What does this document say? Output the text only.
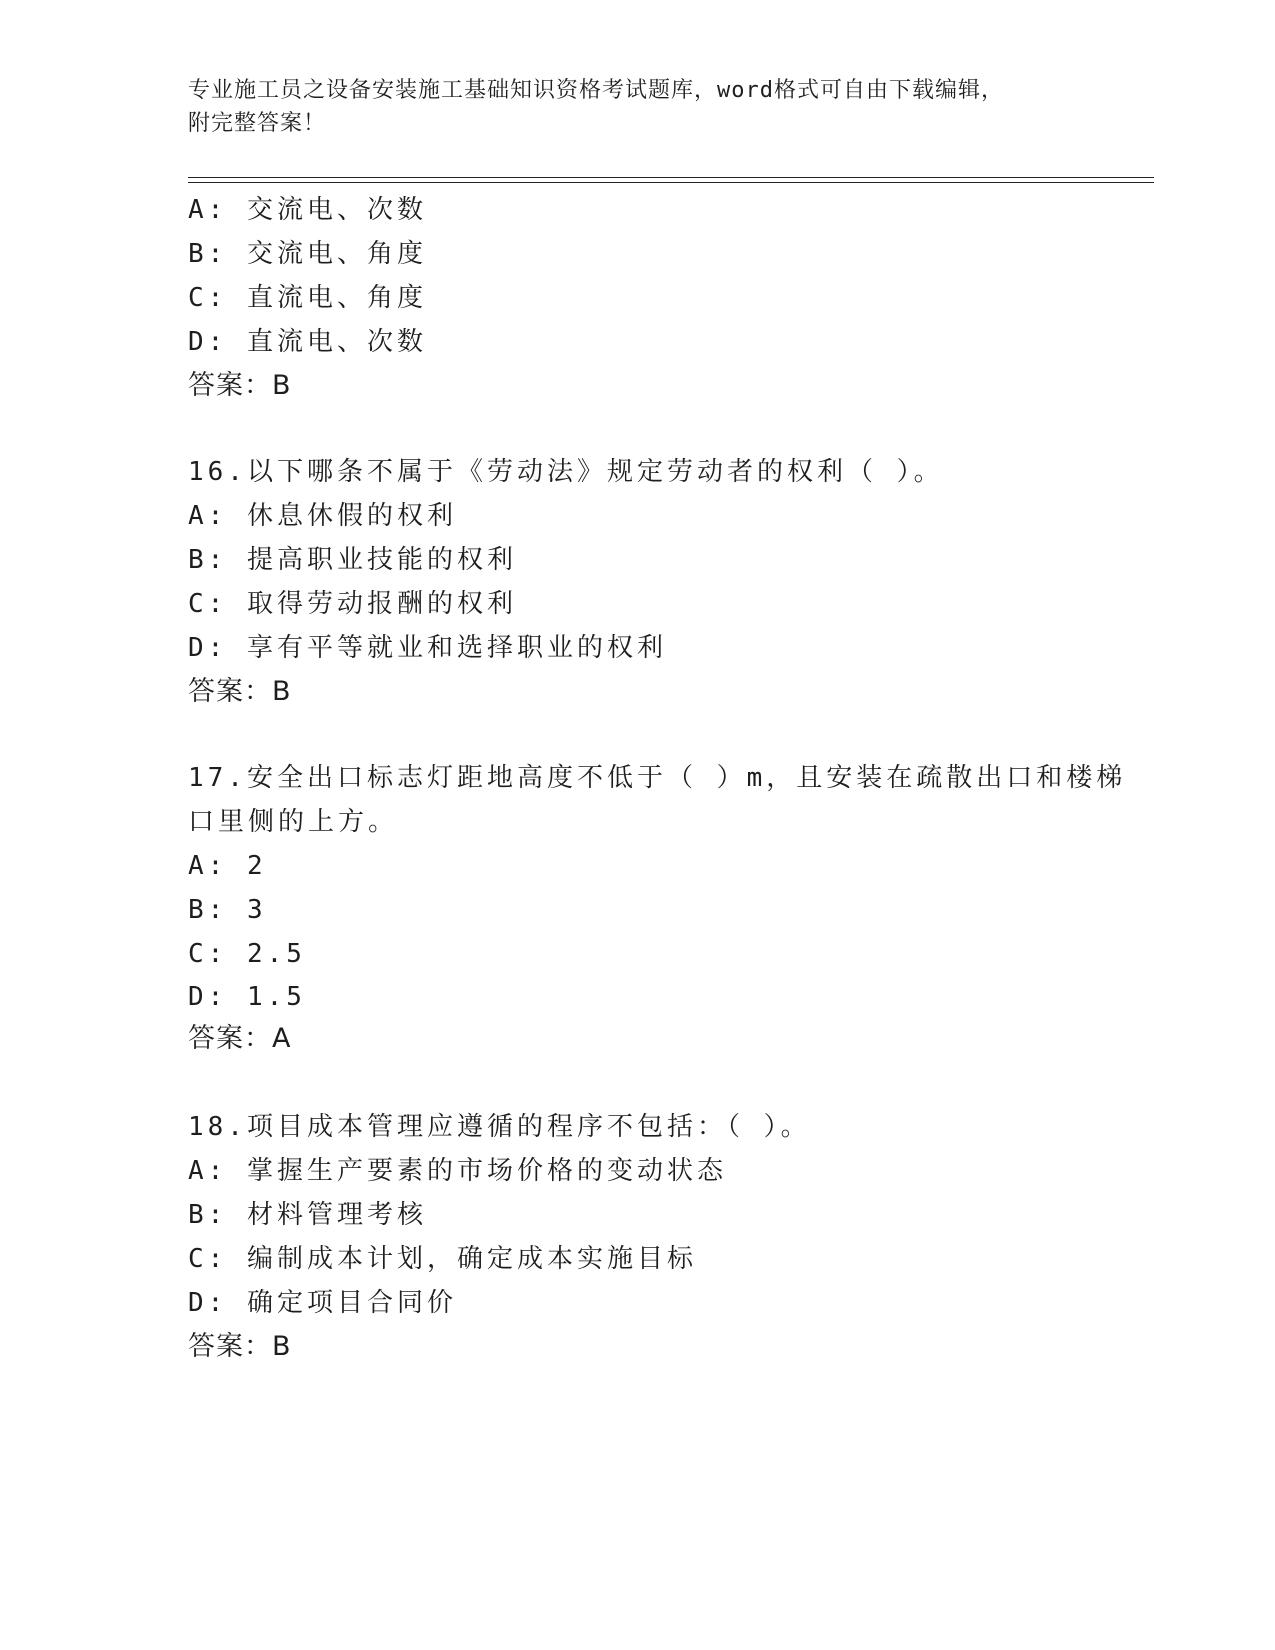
专业施工员之设备安装施工基础知识资格考试题库，word格式可自由下载编辑，
附完整答案！
A: 交流电、次数
B: 交流电、角度
C: 直流电、角度
D: 直流电、次数
答案：B
16.以下哪条不属于《劳动法》规定劳动者的权利（ ）。
A: 休息休假的权利
B: 提高职业技能的权利
C: 取得劳动报酬的权利
D: 享有平等就业和选择职业的权利
答案：B
17.安全出口标志灯距地高度不低于（ ）m，且安装在疏散出口和楼梯
口里侧的上方。
A: 2
B: 3
C: 2.5
D: 1.5
答案：A
18.项目成本管理应遵循的程序不包括：（ ）。
A: 掌握生产要素的市场价格的变动状态
B: 材料管理考核
C: 编制成本计划，确定成本实施目标
D: 确定项目合同价
答案：B
